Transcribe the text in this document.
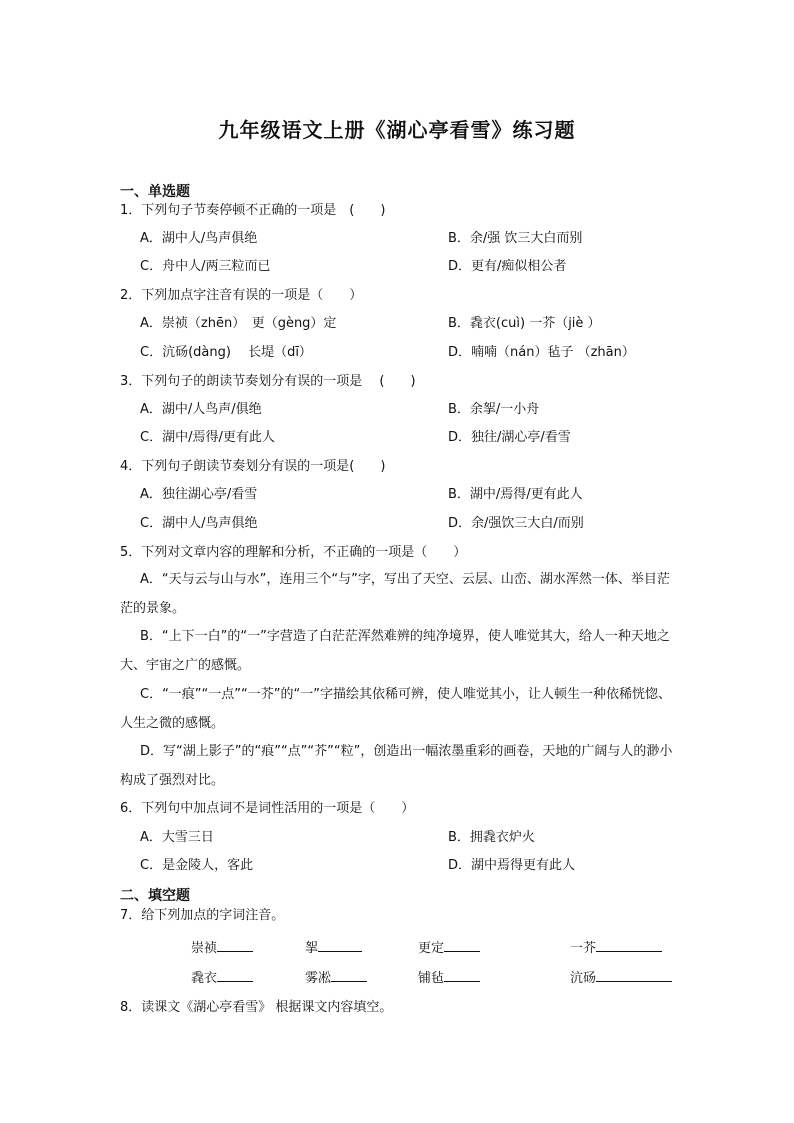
九年级语文上册《湖心亭看雪》练习题
一、单选题
1．下列句子节奏停顿不正确的一项是　(　　)
A．湖中人/鸟声俱绝	B．余/强 饮三大白而别
C．舟中人/两三粒而已	D．更有/痴似相公者
2．下列加点字注音有误的一项是（　　）
A．崇祯（zhēn）　更（gèng）定	B．毳衣(cuì) 一芥（jiè ）
C．沆砀(dàng)　 长堤（dī）	D．喃喃（nán）毡子 （zhān）
3．下列句子的朗读节奏划分有误的一项是　 (　　)
A．湖中/人鸟声/俱绝	B．余挐/一小舟
C．湖中/焉得/更有此人	D．独往/湖心亭/看雪
4．下列句子朗读节奏划分有误的一项是(　　)
A．独往湖心亭/看雪	B．湖中/焉得/更有此人
C．湖中人/鸟声俱绝	D．余/强饮三大白/而别
5．下列对文章内容的理解和分析，不正确的一项是（　　）
A．“天与云与山与水”，连用三个“与”字，写出了天空、云层、山峦、湖水浑然一体、举目茫茫的景象。
B．“上下一白”的“一”字营造了白茫茫浑然难辨的纯净境界，使人唯觉其大，给人一种天地之大、宇宙之广的感慨。
C．“一痕”“一点”“一芥”的“一”字描绘其依稀可辨，使人唯觉其小，让人顿生一种依稀恍惚、人生之微的感慨。
D．写“湖上影子”的“痕”“点”“芥”“粒”，创造出一幅浓墨重彩的画卷，天地的广阔与人的渺小构成了强烈对比。
6．下列句中加点词不是词性活用的一项是（　　）
A．大雪三日	B．拥毳衣炉火
C．是金陵人，客此	D．湖中焉得更有此人
二、填空题
7．给下列加点的字词注音。
崇祯	挐	更定	一芥
毳衣	雾凇	铺毡	沆砀
8．读课文《湖心亭看雪》 根据课文内容填空。
